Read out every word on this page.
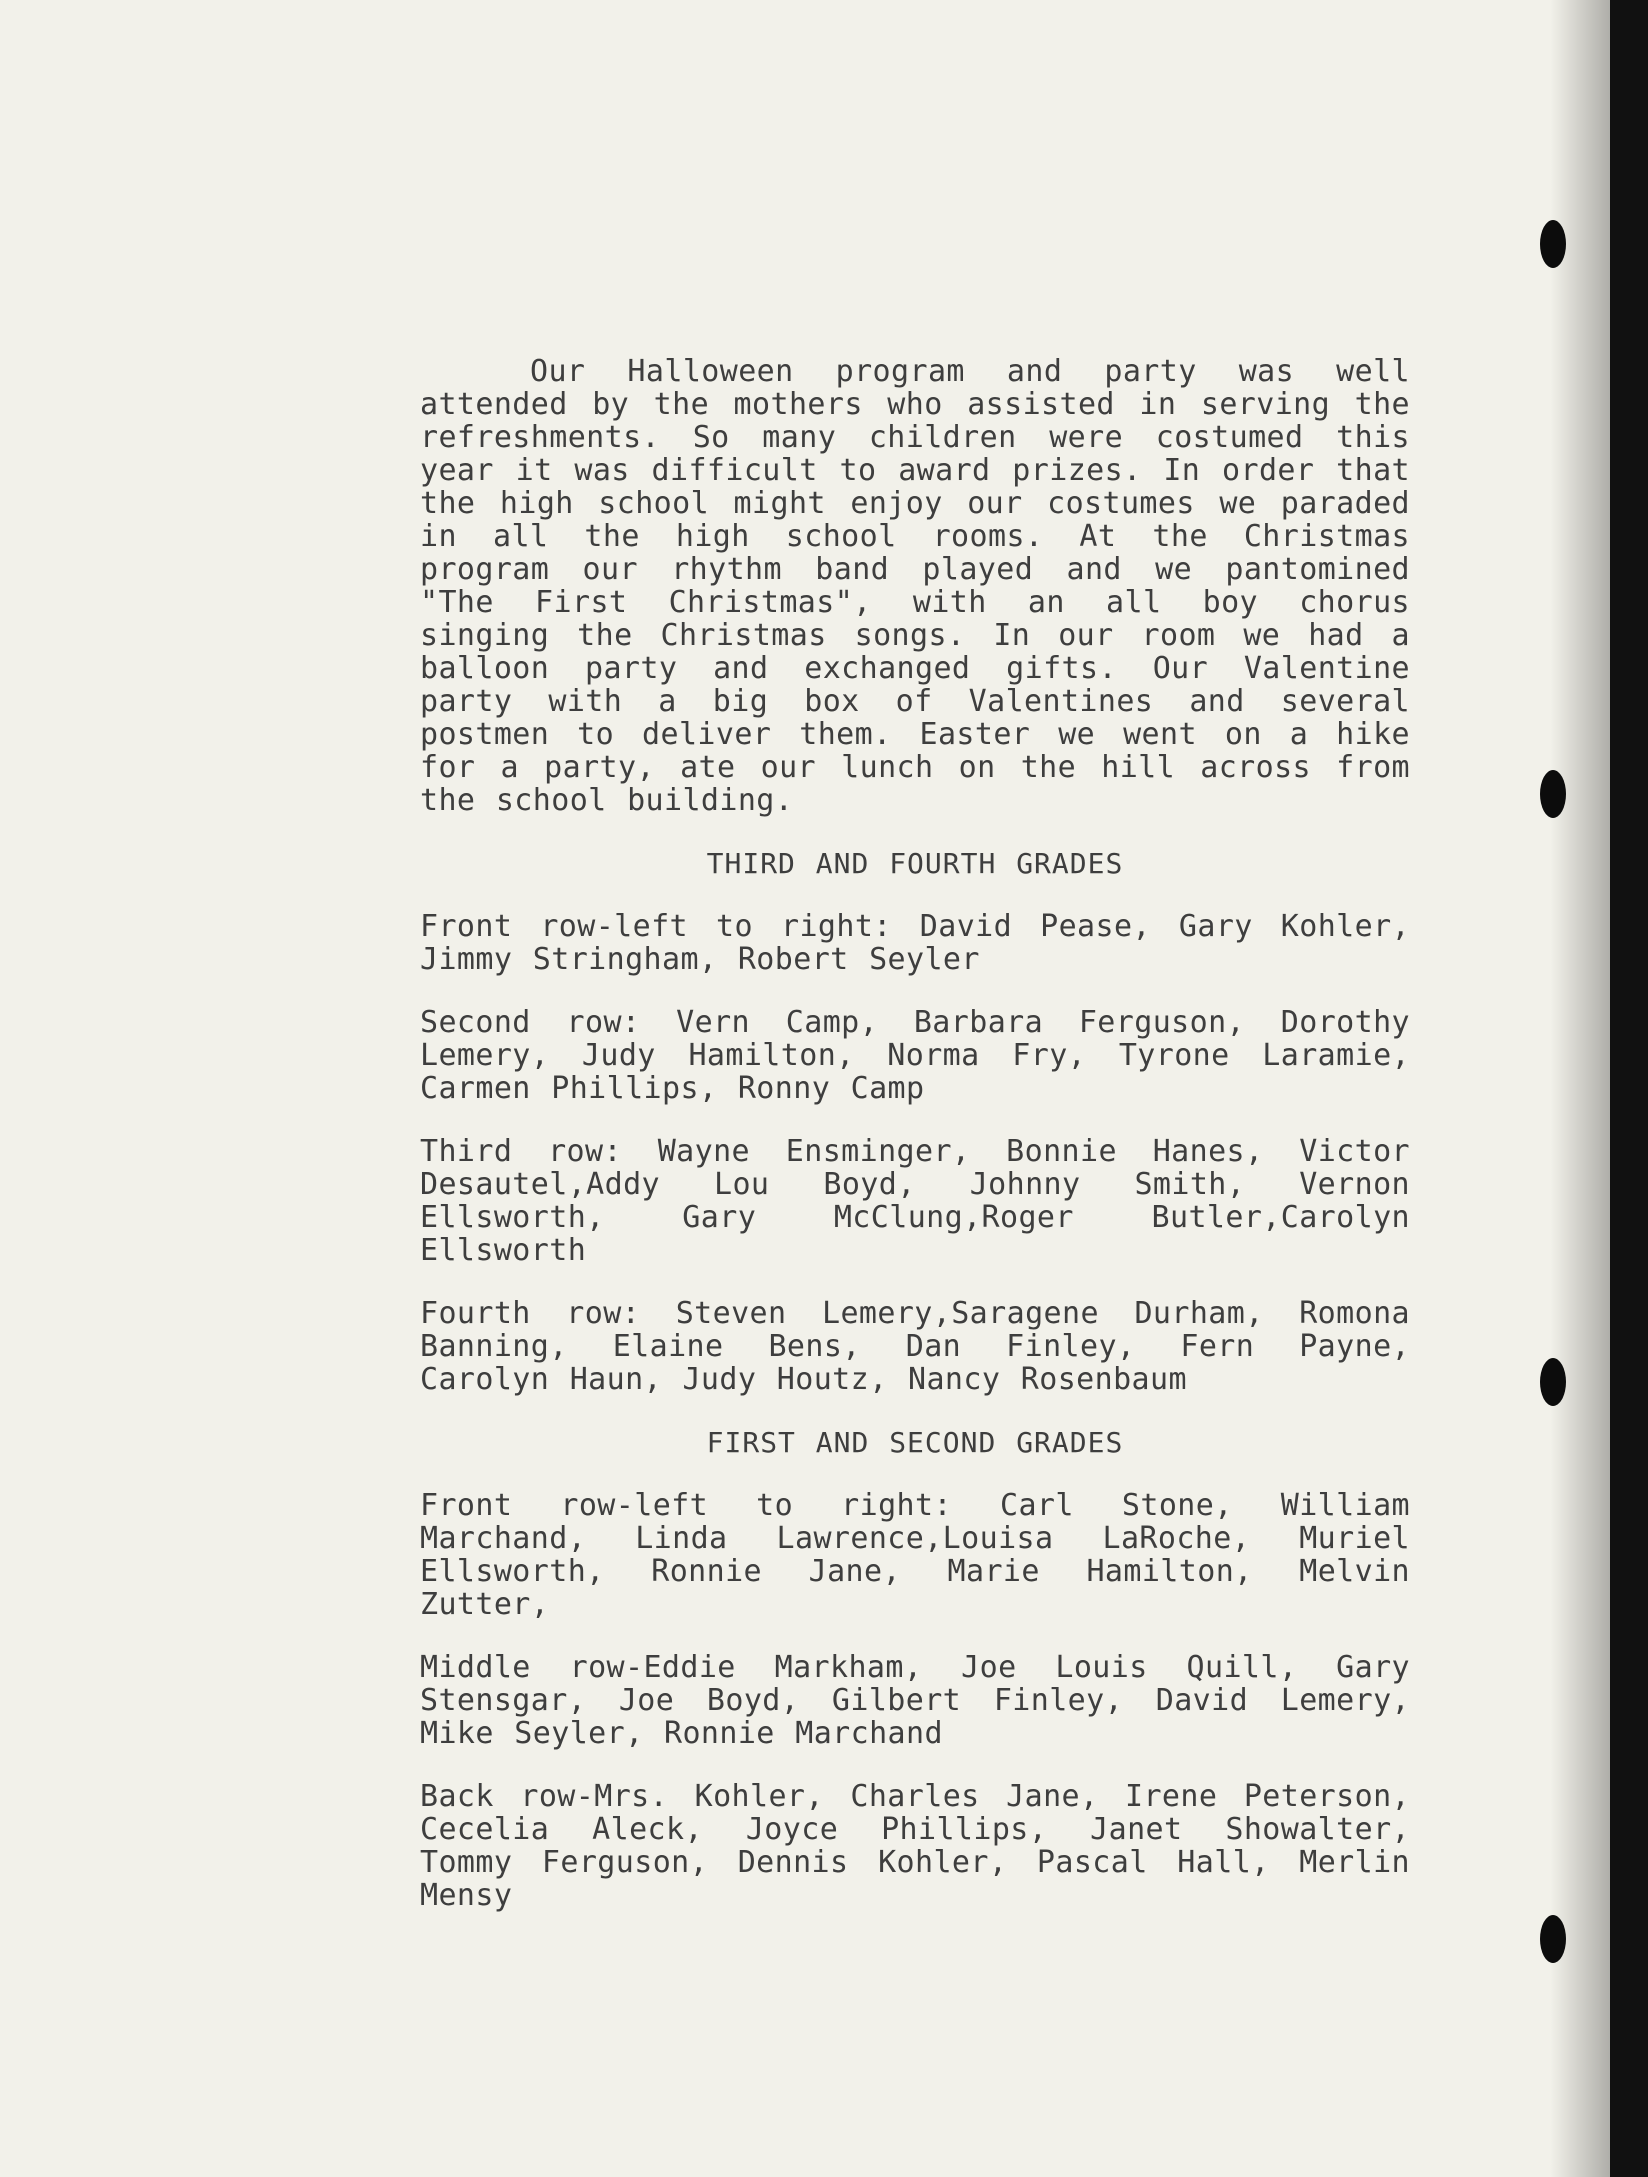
Our Halloween program and party was well attended by the mothers who assisted in serving the refreshments. So many children were costumed this year it was difficult to award prizes. In order that the high school might enjoy our costumes we paraded in all the high school rooms. At the Christmas program our rhythm band played and we pantomined "The First Christmas", with an all boy chorus singing the Christmas songs. In our room we had a balloon party and exchanged gifts. Our Valentine party with a big box of Valentines and several postmen to deliver them. Easter we went on a hike for a party, ate our lunch on the hill across from the school building.

THIRD AND FOURTH GRADES

Front row-left to right: David Pease, Gary Kohler, Jimmy Stringham, Robert Seyler

Second row: Vern Camp, Barbara Ferguson, Dorothy Lemery, Judy Hamilton, Norma Fry, Tyrone Laramie, Carmen Phillips, Ronny Camp

Third row: Wayne Ensminger, Bonnie Hanes, Victor Desautel,Addy Lou Boyd, Johnny Smith, Vernon Ellsworth, Gary McClung,Roger Butler,Carolyn Ellsworth

Fourth row: Steven Lemery,Saragene Durham, Romona Banning, Elaine Bens, Dan Finley, Fern Payne, Carolyn Haun, Judy Houtz, Nancy Rosenbaum

FIRST AND SECOND GRADES

Front row-left to right: Carl Stone, William Marchand, Linda Lawrence,Louisa LaRoche, Muriel Ellsworth, Ronnie Jane, Marie Hamilton, Melvin Zutter,

Middle row-Eddie Markham, Joe Louis Quill, Gary Stensgar, Joe Boyd, Gilbert Finley, David Lemery, Mike Seyler, Ronnie Marchand

Back row-Mrs. Kohler, Charles Jane, Irene Peterson, Cecelia Aleck, Joyce Phillips, Janet Showalter, Tommy Ferguson, Dennis Kohler, Pascal Hall, Merlin Mensy
